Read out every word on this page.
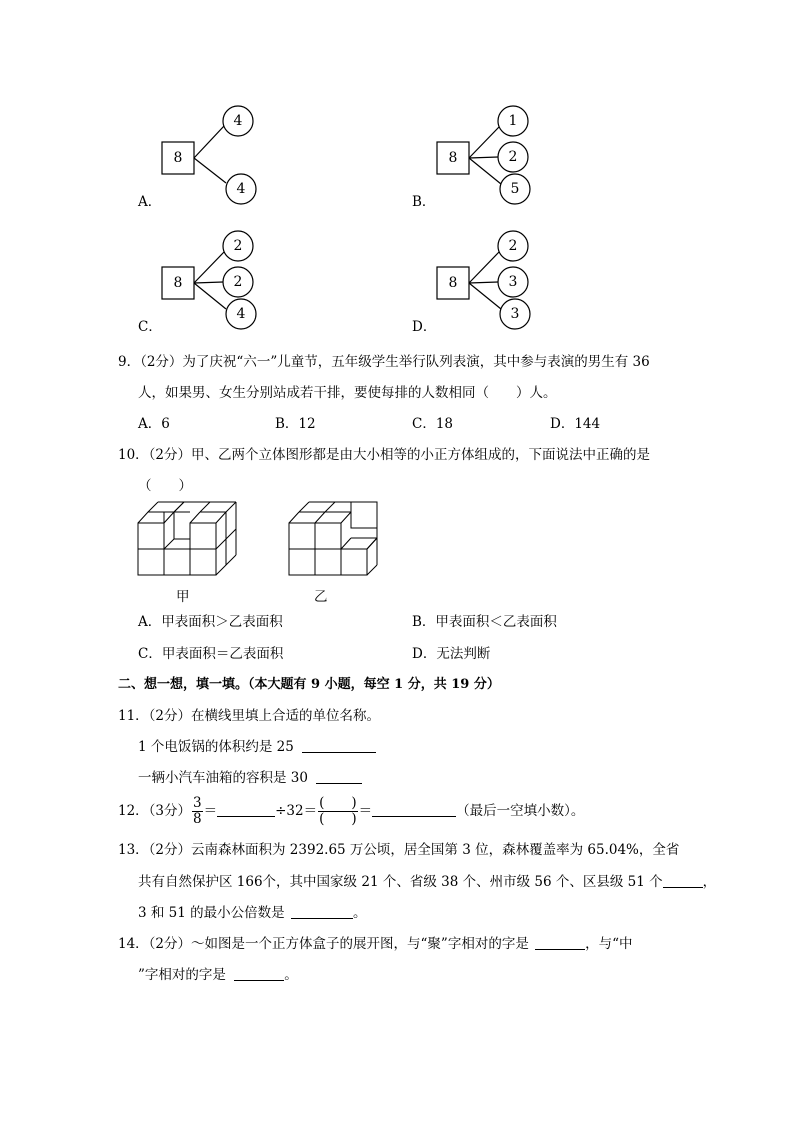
8
4
4
8
1
2
5
8
2
2
4
8
2
3
3
A．	B．
C．	D．
9．（2分）为了庆祝“六一”儿童节，五年级学生举行队列表演，其中参与表演的男生有 36
人，如果男、女生分别站成若干排，要使每排的人数相同（　　）人。
A．6	B．12	C．18	D．144
10．（2分）甲、乙两个立体图形都是由大小相等的小正方体组成的，下面说法中正确的是
（　　）
甲	乙
A．甲表面积＞乙表面积	B．甲表面积＜乙表面积
C．甲表面积＝乙表面积	D．无法判断
二、想一想，填一填。（本大题有 9 小题，每空 1 分，共 19 分）
11．（2分）在横线里填上合适的单位名称。
1 个电饭锅的体积约是 25
一辆小汽车油箱的容积是 30
12．（3分） $\frac{3}{8}$ ＝	$\div 32= \frac{( )}{( )}$ ＝	（最后一空填小数）。
13．（2分）云南森林面积为 2392.65 万公顷，居全国第 3 位，森林覆盖率为 65.04%，全省
共有自然保护区 166个，其中国家级 21 个、省级 38 个、州市级 56 个、区县级 51 个	，
3 和 51 的最小公倍数是	。
14．（2分）～如图是一个正方体盒子的展开图，与“聚”字相对的字是	，与“中
”字相对的字是	。
